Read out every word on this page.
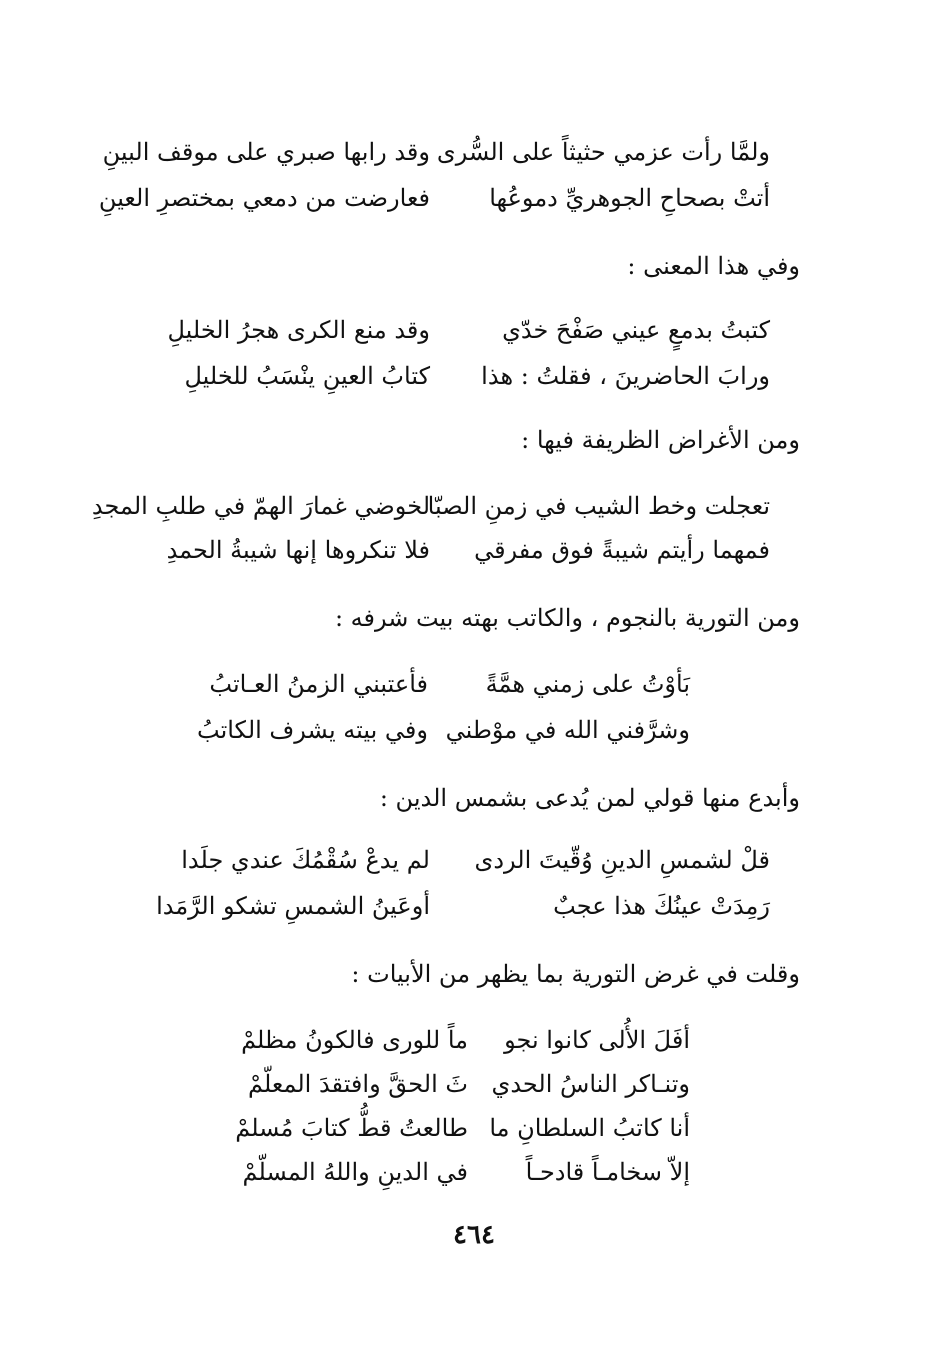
ولمَّا رأت عزمي حثيثاً على السُّرى
وقد رابها صبري على موقف البينِ
أتتْ بصحاحِ الجوهريِّ دموعُها
فعارضت من دمعي بمختصرِ العينِ
وفي هذا المعنى :
كتبتُ بدمعٍ عيني صَفْحَ خدّي
وقد منع الكرى هجرُ الخليلِ
ورابَ الحاضرينَ ، فقلتُ : هذا
كتابُ العينِ ينْسَبُ للخليلِ
ومن الأغراض الظريفة فيها :
تعجلت وخط الشيب في زمنِ الصبّا
لخوضي غمارَ الهمّ في طلبِ المجدِ
فمهما رأيتم شيبةً فوق مفرقي
فلا تنكروها إنها شيبةُ الحمدِ
ومن التورية بالنجوم ، والكاتب بهته بيت شرفه :
بَأوْتُ على زمني همَّةً
فأعتبني الزمنُ العـاتبُ
وشرَّفني الله في موْطني
وفي بيته يشرف الكاتبُ
وأبدع منها قولي لمن يُدعى بشمس الدين :
قلْ لشمسِ الدينِ وُقّيتَ الردى
لم يدعْ سُقْمُكَ عندي جلَدا
رَمِدَتْ عينُكَ هذا عجبٌ
أوعَينُ الشمسِ تشكو الرَّمَدا
وقلت في غرض التورية بما يظهر من الأبيات :
أفَلَ الأُلى كانوا نجو
ماً للورى فالكونُ مظلمْ
وتنـاكر الناسُ الحدي
ثَ الحقَّ وافتقدَ المعلّمْ
أنا كاتبُ السلطانِ ما
طالعتُ قطُّ كتابَ مُسلمْ
إلاّ سخامـاً قادحـاً
في الدينِ واللهُ المسلّمْ
٤٦٤
